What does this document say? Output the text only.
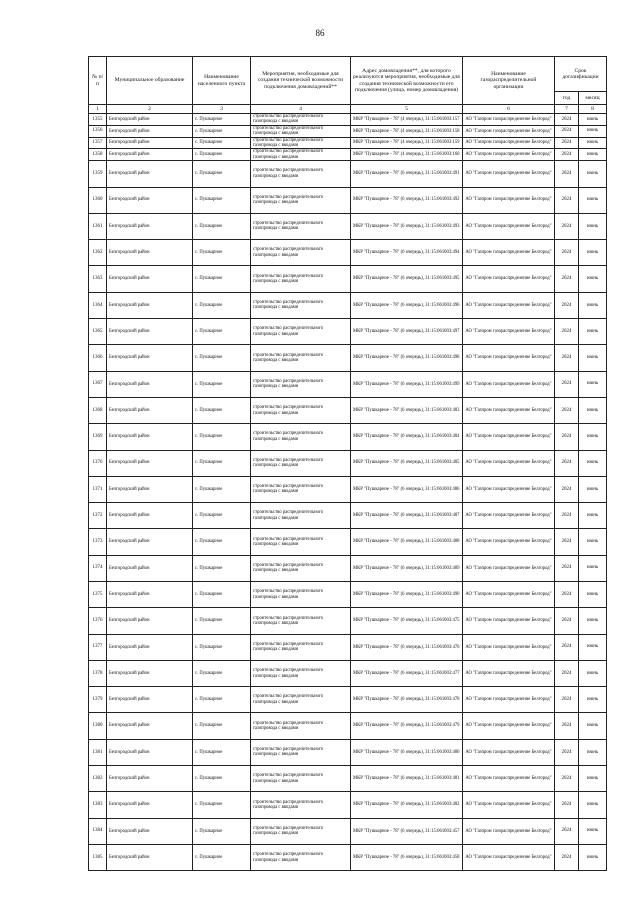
86
№ п/п	Муниципальное образование	Наименование населенного пункта	Мероприятия, необходимые для создания технической возможности подключения домовладений**	Адрес домовладения**, для которого реализуются мероприятия, необходимые для создания технической возможности его подключения (улица, номер домовладения)	Наименование газораспределительной организации	Срок догазификации	
						год	месяц
1	2	3	4	5	6	7	8
1355	Белгородский район	с. Пушкарное	строительство распределительного газопровода с вводами	МКР "Пушкарное - 78" (4 очередь), 31:15:061003:157	АО "Газпром газораспределение Белгород"	2024	июнь
1356	Белгородский район	с. Пушкарное	строительство распределительного газопровода с вводами	МКР "Пушкарное - 78" (4 очередь), 31:15:061003:158	АО "Газпром газораспределение Белгород"	2024	июнь
1357	Белгородский район	с. Пушкарное	строительство распределительного газопровода с вводами	МКР "Пушкарное - 78" (4 очередь), 31:15:061003:159	АО "Газпром газораспределение Белгород"	2024	июнь
1358	Белгородский район	с. Пушкарное	строительство распределительного газопровода с вводами	МКР "Пушкарное - 78" (4 очередь), 31:15:061003:160	АО "Газпром газораспределение Белгород"	2024	июнь
1359	Белгородский район	с. Пушкарное	строительство распределительного газопровода с вводами	МКР "Пушкарное - 78" (6 очередь), 31:15:061003:491	АО "Газпром газораспределение Белгород"	2024	июнь
1360	Белгородский район	с. Пушкарное	строительство распределительного газопровода с вводами	МКР "Пушкарное - 78" (6 очередь), 31:15:061003:492	АО "Газпром газораспределение Белгород"	2024	июнь
1361	Белгородский район	с. Пушкарное	строительство распределительного газопровода с вводами	МКР "Пушкарное - 78" (6 очередь), 31:15:061003:493	АО "Газпром газораспределение Белгород"	2024	июнь
1362	Белгородский район	с. Пушкарное	строительство распределительного газопровода с вводами	МКР "Пушкарное - 78" (6 очередь), 31:15:061003:494	АО "Газпром газораспределение Белгород"	2024	июнь
1363	Белгородский район	с. Пушкарное	строительство распределительного газопровода с вводами	МКР "Пушкарное - 78" (6 очередь), 31:15:061003:495	АО "Газпром газораспределение Белгород"	2024	июнь
1364	Белгородский район	с. Пушкарное	строительство распределительного газопровода с вводами	МКР "Пушкарное - 78" (6 очередь), 31:15:061003:496	АО "Газпром газораспределение Белгород"	2024	июнь
1365	Белгородский район	с. Пушкарное	строительство распределительного газопровода с вводами	МКР "Пушкарное - 78" (6 очередь), 31:15:061003:497	АО "Газпром газораспределение Белгород"	2024	июнь
1366	Белгородский район	с. Пушкарное	строительство распределительного газопровода с вводами	МКР "Пушкарное - 78" (6 очередь), 31:15:061003:498	АО "Газпром газораспределение Белгород"	2024	июнь
1367	Белгородский район	с. Пушкарное	строительство распределительного газопровода с вводами	МКР "Пушкарное - 78" (6 очередь), 31:15:061003:499	АО "Газпром газораспределение Белгород"	2024	июнь
1368	Белгородский район	с. Пушкарное	строительство распределительного газопровода с вводами	МКР "Пушкарное - 78" (6 очередь), 31:15:061003:483	АО "Газпром газораспределение Белгород"	2024	июнь
1369	Белгородский район	с. Пушкарное	строительство распределительного газопровода с вводами	МКР "Пушкарное - 78" (6 очередь), 31:15:061003:484	АО "Газпром газораспределение Белгород"	2024	июнь
1370	Белгородский район	с. Пушкарное	строительство распределительного газопровода с вводами	МКР "Пушкарное - 78" (6 очередь), 31:15:061003:485	АО "Газпром газораспределение Белгород"	2024	июнь
1371	Белгородский район	с. Пушкарное	строительство распределительного газопровода с вводами	МКР "Пушкарное - 78" (6 очередь), 31:15:061003:486	АО "Газпром газораспределение Белгород"	2024	июнь
1372	Белгородский район	с. Пушкарное	строительство распределительного газопровода с вводами	МКР "Пушкарное - 78" (6 очередь), 31:15:061003:487	АО "Газпром газораспределение Белгород"	2024	июнь
1373	Белгородский район	с. Пушкарное	строительство распределительного газопровода с вводами	МКР "Пушкарное - 78" (6 очередь), 31:15:061003:488	АО "Газпром газораспределение Белгород"	2024	июнь
1374	Белгородский район	с. Пушкарное	строительство распределительного газопровода с вводами	МКР "Пушкарное - 78" (6 очередь), 31:15:061003:489	АО "Газпром газораспределение Белгород"	2024	июнь
1375	Белгородский район	с. Пушкарное	строительство распределительного газопровода с вводами	МКР "Пушкарное - 78" (6 очередь), 31:15:061003:490	АО "Газпром газораспределение Белгород"	2024	июнь
1376	Белгородский район	с. Пушкарное	строительство распределительного газопровода с вводами	МКР "Пушкарное - 78" (6 очередь), 31:15:061003:475	АО "Газпром газораспределение Белгород"	2024	июнь
1377	Белгородский район	с. Пушкарное	строительство распределительного газопровода с вводами	МКР "Пушкарное - 78" (6 очередь), 31:15:061003:476	АО "Газпром газораспределение Белгород"	2024	июнь
1378	Белгородский район	с. Пушкарное	строительство распределительного газопровода с вводами	МКР "Пушкарное - 78" (6 очередь), 31:15:061003:477	АО "Газпром газораспределение Белгород"	2024	июнь
1379	Белгородский район	с. Пушкарное	строительство распределительного газопровода с вводами	МКР "Пушкарное - 78" (6 очередь), 31:15:061003:478	АО "Газпром газораспределение Белгород"	2024	июнь
1380	Белгородский район	с. Пушкарное	строительство распределительного газопровода с вводами	МКР "Пушкарное - 78" (6 очередь), 31:15:061003:479	АО "Газпром газораспределение Белгород"	2024	июнь
1381	Белгородский район	с. Пушкарное	строительство распределительного газопровода с вводами	МКР "Пушкарное - 78" (6 очередь), 31:15:061003:480	АО "Газпром газораспределение Белгород"	2024	июнь
1382	Белгородский район	с. Пушкарное	строительство распределительного газопровода с вводами	МКР "Пушкарное - 78" (6 очередь), 31:15:061003:481	АО "Газпром газораспределение Белгород"	2024	июнь
1383	Белгородский район	с. Пушкарное	строительство распределительного газопровода с вводами	МКР "Пушкарное - 78" (6 очередь), 31:15:061003:482	АО "Газпром газораспределение Белгород"	2024	июнь
1384	Белгородский район	с. Пушкарное	строительство распределительного газопровода с вводами	МКР "Пушкарное - 78" (6 очередь), 31:15:061003:457	АО "Газпром газораспределение Белгород"	2024	июнь
1385	Белгородский район	с. Пушкарное	строительство распределительного газопровода с вводами	МКР "Пушкарное - 78" (6 очередь), 31:15:061003:458	АО "Газпром газораспределение Белгород"	2024	июнь
